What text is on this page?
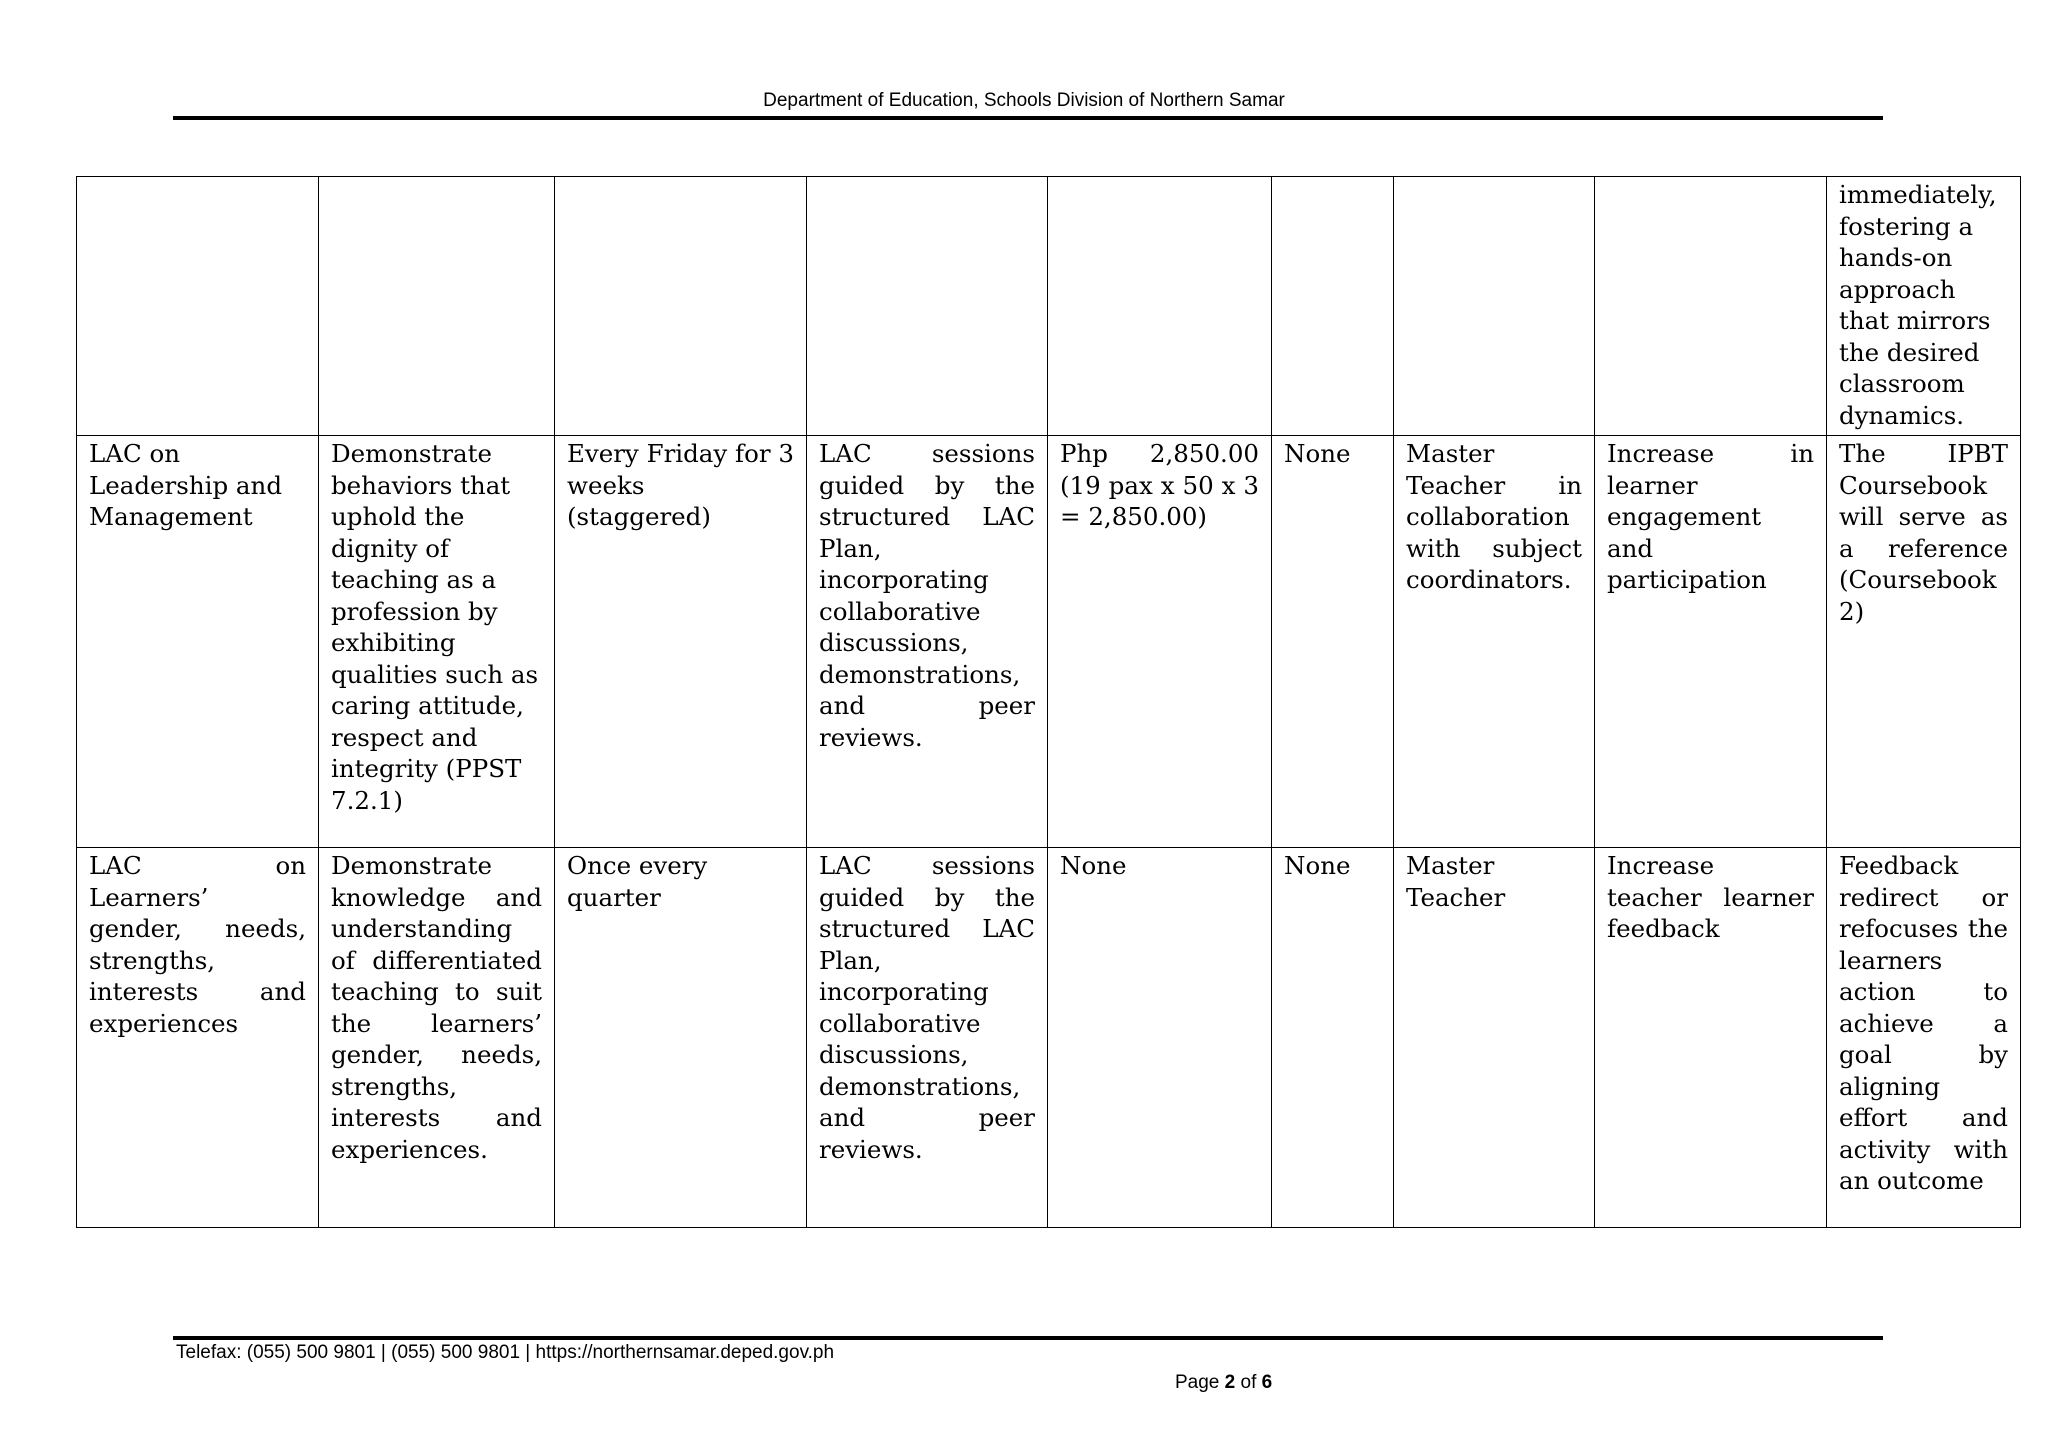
Department of Education, Schools Division of Northern Samar
								immediately, fostering a hands-on approach that mirrors the desired classroom dynamics.
LAC on Leadership and Management	Demonstrate behaviors that uphold the dignity of teaching as a profession by exhibiting qualities such as caring attitude, respect and integrity (PPST 7.2.1)	Every Friday for 3 weeks (staggered)	LAC sessions guided by the structured LAC Plan, incorporating collaborative discussions, demonstrations, and peer reviews.	Php 2,850.00 (19 pax x 50 x 3 = 2,850.00)	None	Master Teacher in collaboration with subject coordinators.	Increase in learner engagement and participation	The IPBT Coursebook will serve as a reference (Coursebook 2)
LAC on Learners’ gender, needs, strengths, interests and experiences	Demonstrate knowledge and understanding of differentiated teaching to suit the learners’ gender, needs, strengths, interests and experiences.	Once every quarter	LAC sessions guided by the structured LAC Plan, incorporating collaborative discussions, demonstrations, and peer reviews.	None	None	Master Teacher	Increase teacher learner feedback	Feedback redirect or refocuses the learners action to achieve a goal by aligning effort and activity with an outcome
Telefax: (055) 500 9801 | (055) 500 9801 | https://northernsamar.deped.gov.ph
Page 2 of 6
